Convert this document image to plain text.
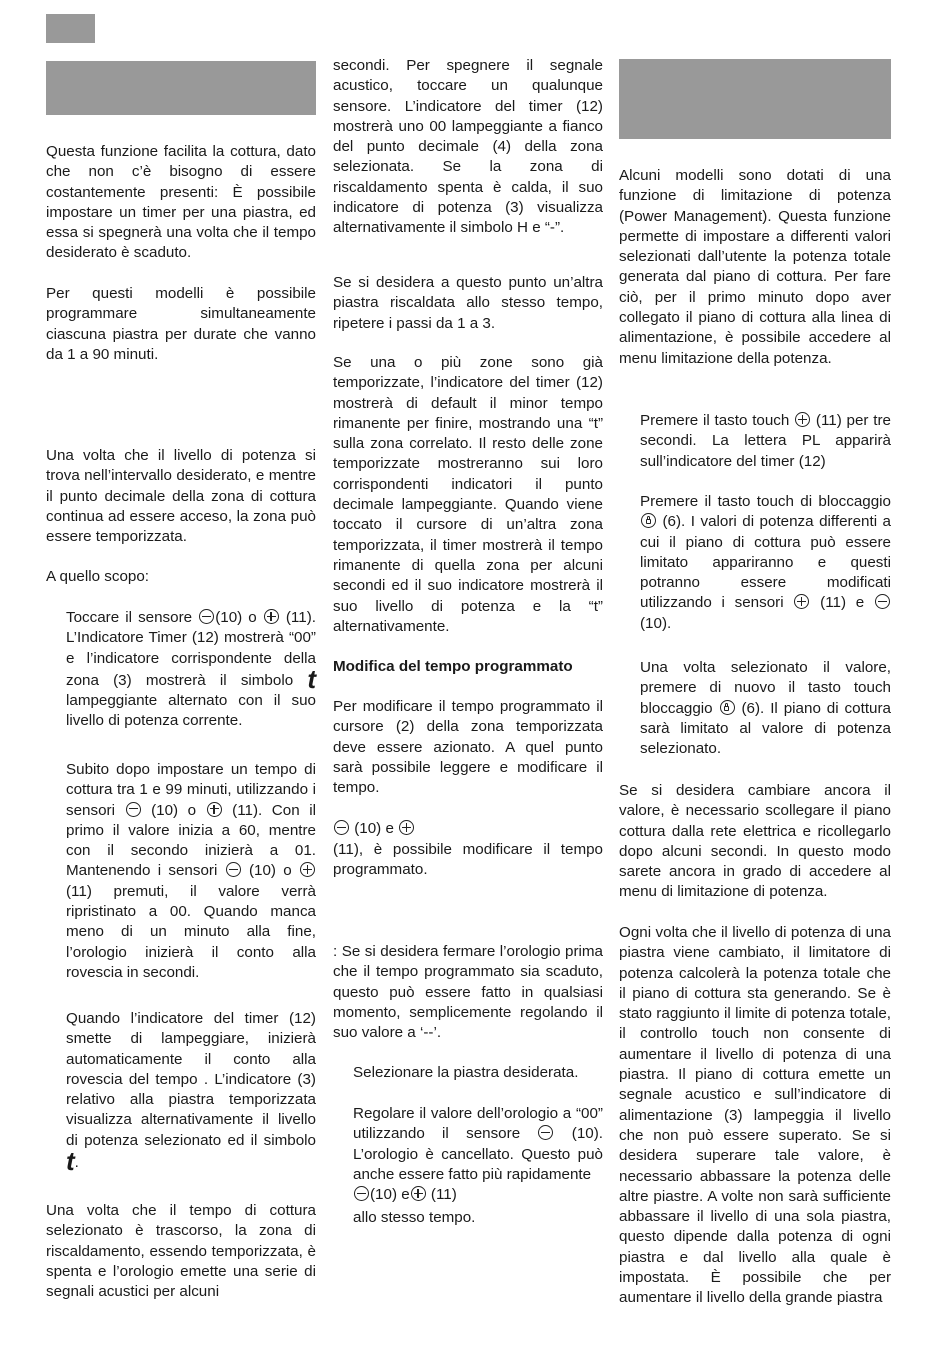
Questa funzione facilita la cottura, dato che non c’è bisogno di essere costantemente presenti: È possibile impostare un timer per una piastra, ed essa si spegnerà una volta che il tempo desiderato è scaduto.

Per questi modelli è possibile programmare simultaneamente ciascuna piastra per durate che vanno da 1 a 90 minuti.

Una volta che il livello di potenza si trova nell’intervallo desiderato, e mentre il punto decimale della zona di cottura continua ad essere acceso, la zona può essere temporizzata.

A quello scopo:

Toccare il sensore (10) o (11). L’Indicatore Timer (12) mostrerà “00” e l’indicatore corrispondente della zona (3) mostrerà il simbolo t lampeggiante alternato con il suo livello di potenza corrente.

Subito dopo impostare un tempo di cottura tra 1 e 99 minuti, utilizzando i sensori (10) o (11). Con il primo il valore inizia a 60, mentre con il secondo inizierà a 01. Mantenendo i sensori (10) o  (11) premuti, il valore verrà ripristinato a 00. Quando manca meno di un minuto alla fine, l’orologio inizierà il conto alla rovescia in secondi.

Quando l’indicatore del timer (12) smette di lampeggiare, inizierà automaticamente il conto alla rovescia del tempo . L’indicatore (3) relativo alla piastra temporizzata visualizza alternativamente il livello di potenza selezionato ed il simbolo t.

Una volta che il tempo di cottura selezionato è trascorso, la zona di riscaldamento, essendo temporizzata, è spenta e l’orologio emette una serie di segnali acustici per alcuni

secondi. Per spegnere il segnale acustico, toccare un qualunque sensore. L’indicatore del timer (12) mostrerà uno 00 lampeggiante a fianco del punto decimale (4) della zona selezionata. Se la zona di riscaldamento spenta è calda, il suo indicatore di potenza (3) visualizza alternativamente il simbolo H e “-”.

Se si desidera a questo punto un’altra piastra riscaldata allo stesso tempo, ripetere i passi da 1 a 3.

Se una o più zone sono già temporizzate, l’indicatore del timer (12) mostrerà di default il minor tempo rimanente per finire, mostrando una “t” sulla zona correlato. Il resto delle zone temporizzate mostreranno sui loro corrispondenti indicatori il punto decimale lampeggiante. Quando viene toccato il cursore di un’altra zona temporizzata, il timer mostrerà il tempo rimanente di quella zona per alcuni secondi ed il suo indicatore mostrerà il suo livello di potenza e la “t” alternativamente.

Modifica del tempo programmato

Per modificare il tempo programmato il cursore (2) della zona temporizzata deve essere azionato. A quel punto sarà possibile leggere e modificare il tempo.

(10) e

(11), è possibile modificare il tempo programmato.

: Se si desidera fermare l’orologio prima che il tempo programmato sia scaduto, questo può essere fatto in qualsiasi momento, semplicemente regolando il suo valore a ‘--’.

Selezionare la piastra desiderata.

Regolare il valore dell’orologio a “00” utilizzando il sensore	(10). L’orologio è cancellato. Questo può anche essere fatto più rapidamente

(10) e (11)

allo stesso tempo.

Alcuni modelli sono dotati di una funzione di limitazione di potenza (Power Management). Questa funzione permette di impostare a differenti valori selezionati dall’utente la potenza totale generata dal piano di cottura. Per fare ciò, per il primo minuto dopo aver collegato il piano di cottura alla linea di alimentazione, è possibile accedere al menu limitazione della potenza.

Premere il tasto touch (11) per tre secondi. La lettera PL apparirà sull’indicatore del timer (12)

Premere il tasto touch di bloccaggio  (6). I valori di potenza differenti a cui il piano di cottura può essere limitato appariranno e questi potranno essere modificati utilizzando i sensori (11) e  (10).

Una volta selezionato il valore, premere di nuovo il tasto touch bloccaggio (6). Il piano di cottura sarà limitato al valore di potenza selezionato.

Se si desidera cambiare ancora il valore, è necessario scollegare il piano cottura dalla rete elettrica e ricollegarlo dopo alcuni secondi. In questo modo sarete ancora in grado di accedere al menu di limitazione di potenza.

Ogni volta che il livello di potenza di una piastra viene cambiato, il limitatore di potenza calcolerà la potenza totale che il piano di cottura sta generando. Se è stato raggiunto il limite di potenza totale, il controllo touch non consente di aumentare il livello di potenza di una piastra. Il piano di cottura emette un segnale acustico e sull’indicatore di alimentazione (3) lampeggia il livello che non può essere superato. Se si desidera superare tale valore, è necessario abbassare la potenza delle altre piastre. A volte non sarà sufficiente abbassare il livello di una sola piastra, questo dipende dalla potenza di ogni piastra e dal livello alla quale è impostata. È possibile che per aumentare il livello della grande piastra
